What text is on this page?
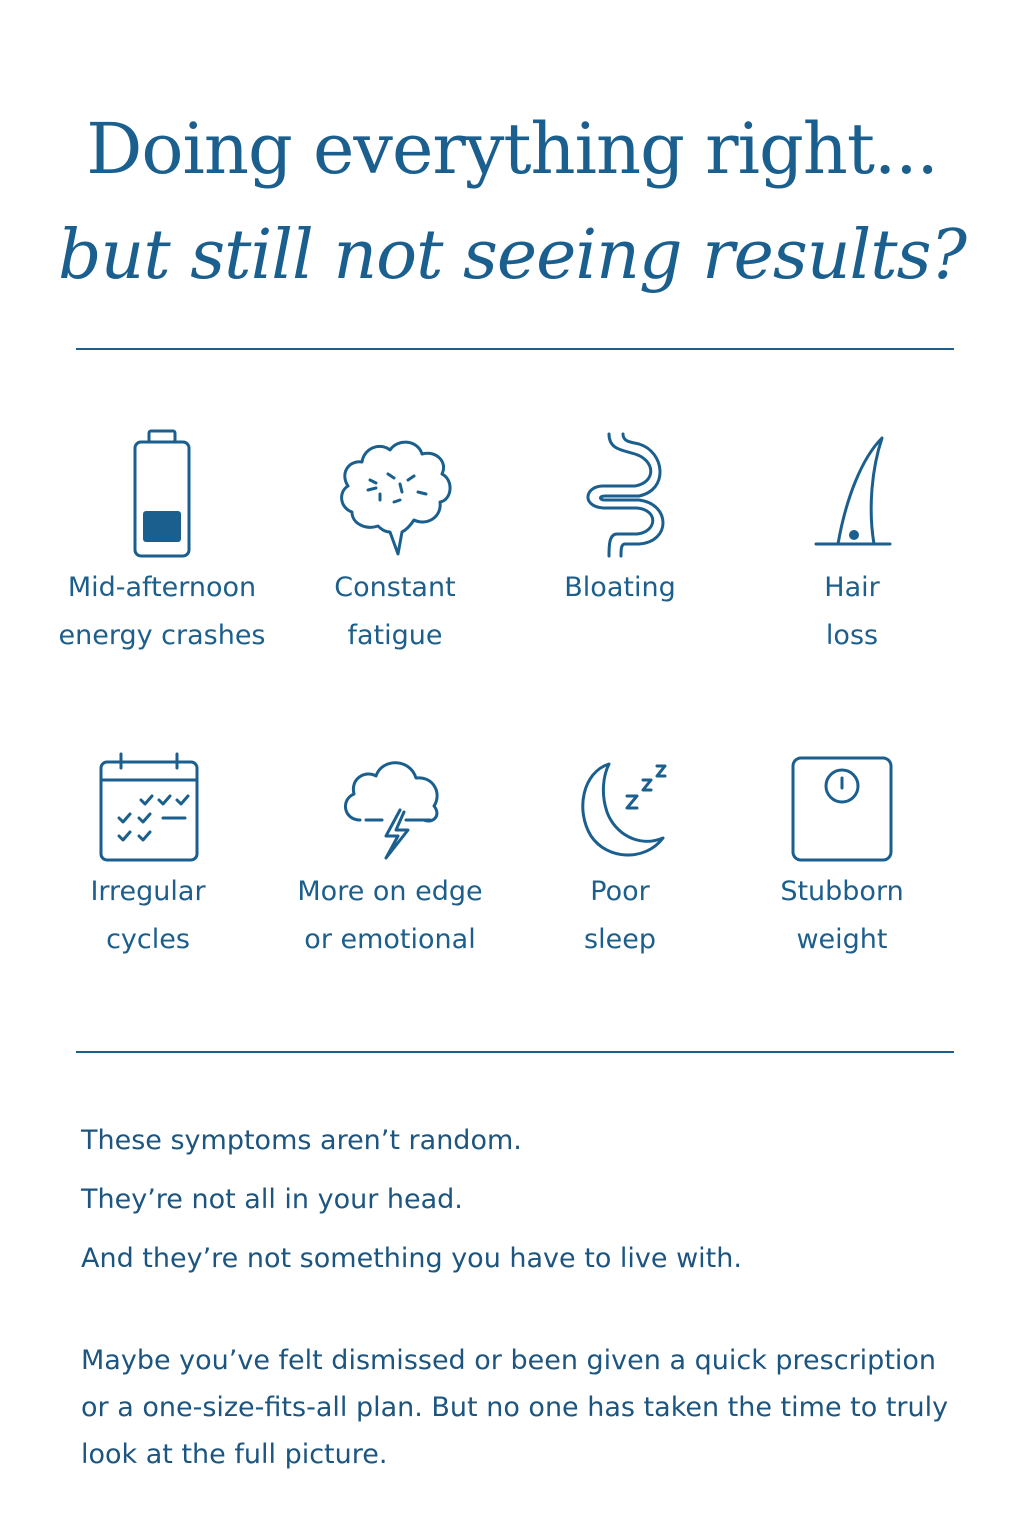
Doing everything right...
but still not seeing results?
Mid-afternoon
energy crashes
Constant
fatigue
Bloating	Hair
loss
Irregular
cycles
More on edge
or emotional
Poor
sleep
Stubborn
weight
These symptoms aren’t random.
They’re not all in your head.
And they’re not something you have to live with.

Maybe you’ve felt dismissed or been given a quick prescription or a one-size-fits-all plan. But no one has taken the time to truly look at the full picture.
